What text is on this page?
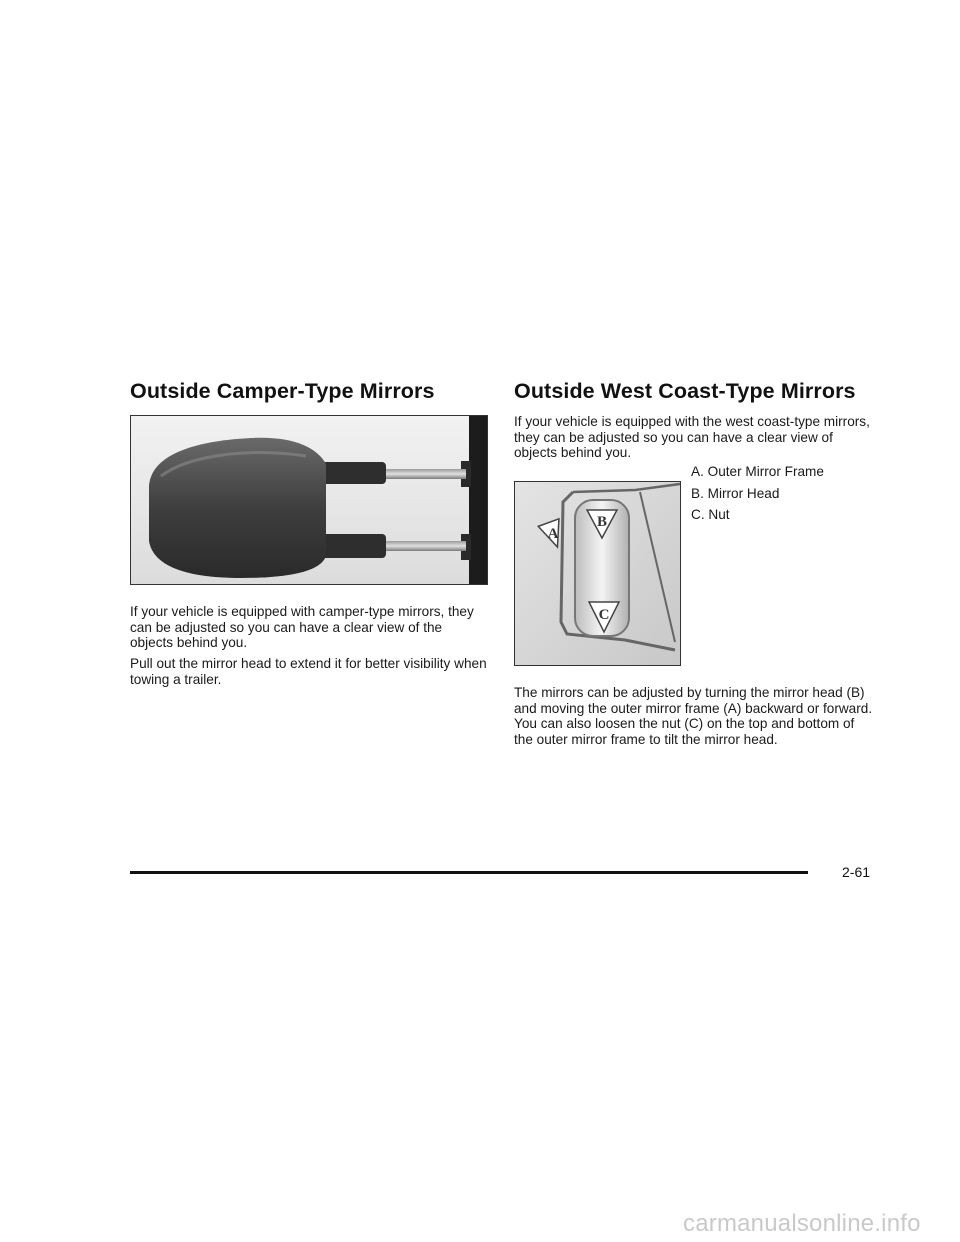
Outside Camper-Type Mirrors

If your vehicle is equipped with camper-type mirrors, they can be adjusted so you can have a clear view of the objects behind you.

Pull out the mirror head to extend it for better visibility when towing a trailer.

Outside West Coast-Type Mirrors

If your vehicle is equipped with the west coast-type mirrors, they can be adjusted so you can have a clear view of objects behind you.

A
B
C

A. Outer Mirror Frame

B. Mirror Head

C. Nut

The mirrors can be adjusted by turning the mirror head (B) and moving the outer mirror frame (A) backward or forward. You can also loosen the nut (C) on the top and bottom of the outer mirror frame to tilt the mirror head.

2-61
carmanualsonline.info
